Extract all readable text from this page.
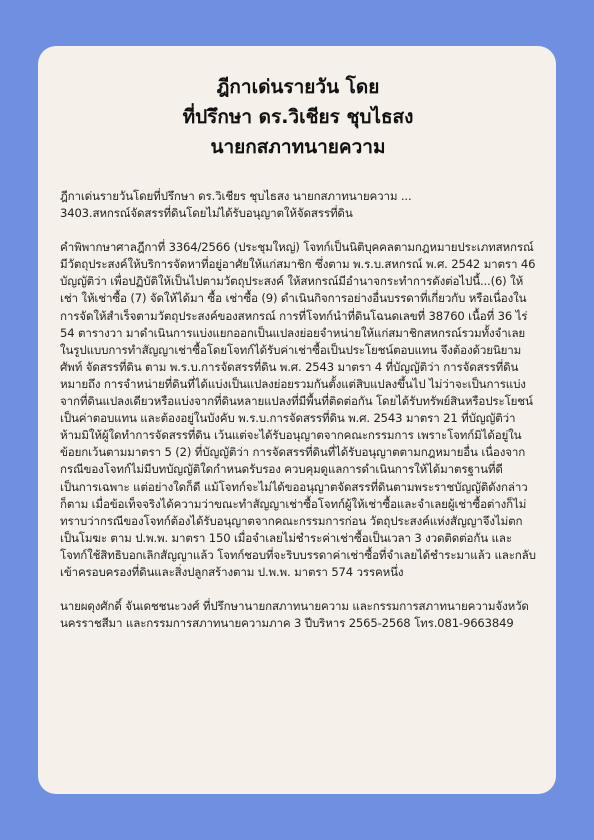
ฎีกาเด่นรายวัน โดย
ที่ปรึกษา ดร.วิเชียร ชุบไธสง
นายกสภาทนายความ

ฎีกาเด่นรายวันโดยที่ปรึกษา ดร.วิเชียร ชุบไธสง นายกสภาทนายความ ...
3403.สหกรณ์จัดสรรที่ดินโดยไม่ได้รับอนุญาตให้จัดสรรที่ดิน

คำพิพากษาศาลฎีกาที่ 3364/2566 (ประชุมใหญ่) โจทก์เป็นนิติบุคคลตามกฎหมายประเภทสหกรณ์ มีวัตถุประสงค์ให้บริการจัดหาที่อยู่อาศัยให้แก่สมาชิก ซึ่งตาม พ.ร.บ.สหกรณ์ พ.ศ. 2542 มาตรา 46 บัญญัติว่า เพื่อปฏิบัติให้เป็นไปตามวัตถุประสงค์ ให้สหกรณ์มีอำนาจกระทำการดังต่อไปนี้...(6) ให้เช่า ให้เช่าซื้อ (7) จัดให้ได้มา ซื้อ เช่าซื้อ (9) ดำเนินกิจการอย่างอื่นบรรดาที่เกี่ยวกับ หรือเนื่องในการจัดให้สำเร็จตามวัตถุประสงค์ของสหกรณ์ การที่โจทก์นำที่ดินโฉนดเลขที่ 38760 เนื้อที่ 36 ไร่ 54 ตารางวา มาดำเนินการแบ่งแยกออกเป็นแปลงย่อยจำหน่ายให้แก่สมาชิกสหกรณ์รวมทั้งจำเลยในรูปแบบการทำสัญญาเช่าซื้อโดยโจทก์ได้รับค่าเช่าซื้อเป็นประโยชน์ตอบแทน จึงต้องด้วยนิยามศัพท์ จัดสรรที่ดิน ตาม พ.ร.บ.การจัดสรรที่ดิน พ.ศ. 2543 มาตรา 4 ที่บัญญัติว่า การจัดสรรที่ดิน หมายถึง การจำหน่ายที่ดินที่ได้แบ่งเป็นแปลงย่อยรวมกันตั้งแต่สิบแปลงขึ้นไป ไม่ว่าจะเป็นการแบ่งจากที่ดินแปลงเดียวหรือแบ่งจากที่ดินหลายแปลงที่มีพื้นที่ติดต่อกัน โดยได้รับทรัพย์สินหรือประโยชน์เป็นค่าตอบแทน และต้องอยู่ในบังคับ พ.ร.บ.การจัดสรรที่ดิน พ.ศ. 2543 มาตรา 21 ที่บัญญัติว่า ห้ามมิให้ผู้ใดทำการจัดสรรที่ดิน เว้นแต่จะได้รับอนุญาตจากคณะกรรมการ เพราะโจทก์มิได้อยู่ในข้อยกเว้นตามมาตรา 5 (2) ที่บัญญัติว่า การจัดสรรที่ดินที่ได้รับอนุญาตตามกฎหมายอื่น เนื่องจากกรณีของโจทก์ไม่มีบทบัญญัติใดกำหนดรับรอง ควบคุมดูแลการดำเนินการให้ได้มาตรฐานที่ดีเป็นการเฉพาะ แต่อย่างใดก็ดี แม้โจทก์จะไม่ได้ขออนุญาตจัดสรรที่ดินตามพระราชบัญญัติดังกล่าวก็ตาม เมื่อข้อเท็จจริงได้ความว่าขณะทำสัญญาเช่าซื้อโจทก์ผู้ให้เช่าซื้อและจำเลยผู้เช่าซื้อต่างก็ไม่ทราบว่ากรณีของโจทก์ต้องได้รับอนุญาตจากคณะกรรมการก่อน วัตถุประสงค์แห่งสัญญาจึงไม่ตกเป็นโมฆะ ตาม ป.พ.พ. มาตรา 150 เมื่อจำเลยไม่ชำระค่าเช่าซื้อเป็นเวลา 3 งวดติดต่อกัน และโจทก์ใช้สิทธิบอกเลิกสัญญาแล้ว โจทก์ชอบที่จะริบบรรดาค่าเช่าซื้อที่จำเลยได้ชำระมาแล้ว และกลับเข้าครอบครองที่ดินและสิ่งปลูกสร้างตาม ป.พ.พ. มาตรา 574 วรรคหนึ่ง

นายผดุงศักดิ์ จันเดชชนะวงศ์ ที่ปรึกษานายกสภาทนายความ และกรรมการสภาทนายความจังหวัดนครราชสีมา และกรรมการสภาทนายความภาค 3 ปีบริหาร 2565-2568 โทร.081-9663849
